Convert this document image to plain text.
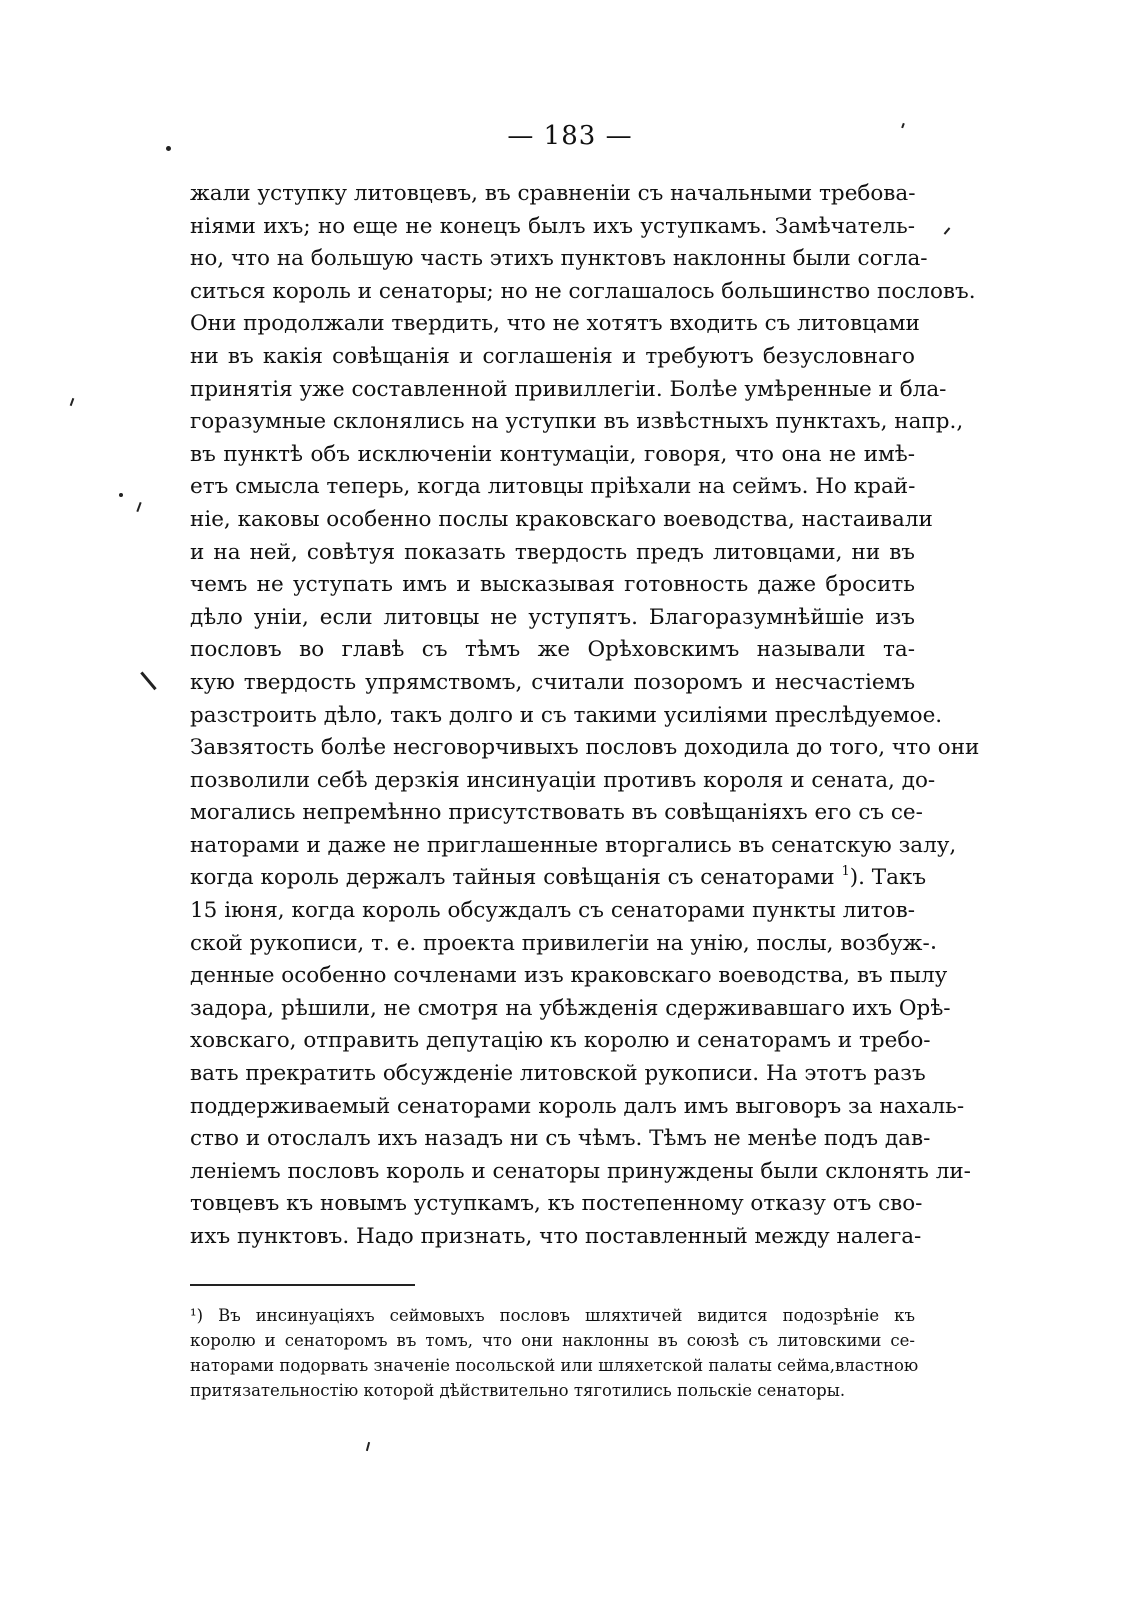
— 183 —
жали уступку литовцевъ, въ сравненіи съ начальными требова-
ніями ихъ; но еще не конецъ былъ ихъ уступкамъ. Замѣчатель-
но, что на большую часть этихъ пунктовъ наклонны были согла-
ситься король и сенаторы; но не соглашалось большинство пословъ.
Они продолжали твердить, что не хотятъ входить съ литовцами
ни въ какія совѣщанія и соглашенія и требуютъ безусловнаго
принятія уже составленной привиллегіи. Болѣе умѣренные и бла-
горазумные склонялись на уступки въ извѣстныхъ пунктахъ, напр.,
въ пунктѣ объ исключеніи контумаціи, говоря, что она не имѣ-
етъ смысла теперь, когда литовцы пріѣхали на сеймъ. Но край-
ніе, каковы особенно послы краковскаго воеводства, настаивали
и на ней, совѣтуя показать твердость предъ литовцами, ни въ
чемъ не уступать имъ и высказывая готовность даже бросить
дѣло уніи, если литовцы не уступятъ. Благоразумнѣйшіе изъ
пословъ во главѣ съ тѣмъ же Орѣховскимъ называли та-
кую твердость упрямствомъ, считали позоромъ и несчастіемъ
разстроить дѣло, такъ долго и съ такими усиліями преслѣдуемое.
Завзятость болѣе несговорчивыхъ пословъ доходила до того, что они
позволили себѣ дерзкія инсинуаціи противъ короля и сената, до-
могались непремѣнно присутствовать въ совѣщаніяхъ его съ се-
наторами и даже не приглашенные вторгались въ сенатскую залу,
когда король держалъ тайныя совѣщанія съ сенаторами $^1$). Такъ
15 іюня, когда король обсуждалъ съ сенаторами пункты литов-
ской рукописи, т. е. проекта привилегіи на унію, послы, возбуж-
денные особенно сочленами изъ краковскаго воеводства, въ пылу
задора, рѣшили, не смотря на убѣжденія сдерживавшаго ихъ Орѣ-
ховскаго, отправить депутацію къ королю и сенаторамъ и требо-
вать прекратить обсужденіе литовской рукописи. На этотъ разъ
поддерживаемый сенаторами король далъ имъ выговоръ за нахаль-
ство и отослалъ ихъ назадъ ни съ чѣмъ. Тѣмъ не менѣе подъ дав-
леніемъ пословъ король и сенаторы принуждены были склонять ли-
товцевъ къ новымъ уступкамъ, къ постепенному отказу отъ сво-
ихъ пунктовъ. Надо признать, что поставленный между налега-
¹) Въ инсинуаціяхъ сеймовыхъ пословъ шляхтичей видится подозрѣніе къ
королю и сенаторомъ въ томъ, что они наклонны въ союзѣ съ литовскими се-
наторами подорвать значеніе посольской или шляхетской палаты сейма,властною
притязательностію которой дѣйствительно тяготились польскіе сенаторы.
